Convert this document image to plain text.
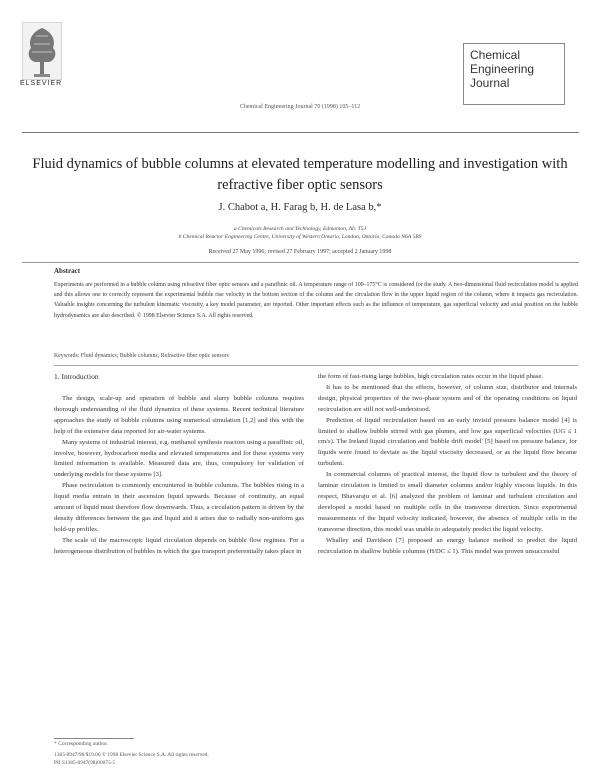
ELSEVIER
Chemical Engineering Journal
Chemical Engineering Journal 70 (1998) 105–112
Fluid dynamics of bubble columns at elevated temperature modelling and investigation with refractive fiber optic sensors
J. Chabot a, H. Farag b, H. de Lasa b,*
a Chemicals Research and Technology, Edmonton, Ab. T5J
b Chemical Reactor Engineering Centre, University of Western Ontario, London, Ontario, Canada N6A 5B9
Received 27 May 1996; revised 27 February 1997; accepted 2 January 1998
Abstract
Experiments are performed in a bubble column using refractive fiber optic sensors and a paraffinic oil. A temperature range of 100–175°C is considered for the study. A two-dimensional fluid recirculation model is applied and this allows one to correctly represent the experimental bubble rise velocity in the bottom section of the column and the circulation flow in the upper liquid region of the column, where it impacts gas recirculation. Valuable insights concerning the turbulent kinematic viscosity, a key model parameter, are reported. Other important effects such as the influence of temperature, gas superficial velocity and axial position on the bubble hydrodynamics are also described. © 1998 Elsevier Science S.A. All rights reserved.
Keywords: Fluid dynamics; Bubble columns; Refractive fiber optic sensors
1. Introduction

The design, scale-up and operation of bubble and slurry bubble columns requires thorough understanding of the fluid dynamics of these systems. Recent technical literature approaches the study of bubble columns using numerical simulation [1,2] and this with the help of the extensive data reported for air-water systems.

Many systems of industrial interest, e.g. methanol synthesis reactors using a paraffinic oil, involve, however, hydrocarbon media and elevated temperatures and for these systems very limited information is available. Measured data are, thus, compulsory for validation of underlying models for these systems [3].

Phase recirculation is commonly encountered in bubble columns. The bubbles rising in a liquid media entrain in their ascension liquid upwards. Because of continuity, an equal amount of liquid must therefore flow downwards. Thus, a circulation pattern is driven by the density differences between the gas and liquid and it arises due to radially non-uniform gas hold-up profiles.

The scale of the macroscopic liquid circulation depends on bubble flow regimes. For a heterogeneous distribution of bubbles in which the gas transport preferentially takes place in

the form of fast-rising large bubbles, high circulation rates occur in the liquid phase.

It has to be mentioned that the effects, however, of column size, distributor and internals design, physical properties of the two-phase system and of the operating conditions on liquid recirculation are still not well-understood.

Prediction of liquid recirculation based on an early invisid pressure balance model [4] is limited to shallow bubble stirred with gas plumes, and low gas superficial velocities (UG ≤ 1 cm/s). The Ireland liquid circulation and 'bubble drift model' [5] based on pressure balance, for liquids were found to deviate as the liquid viscosity decreased, or as the liquid flow became turbulent.

In commercial columns of practical interest, the liquid flow is turbulent and the theory of laminar circulation is limited to small diameter columns and/or highly viscous liquids. In this respect, Bhavaraju et al. [6] analyzed the problem of laminar and turbulent circulation and developed a model based on multiple cells in the transverse direction. Since experimental measurements of the liquid velocity indicated, however, the absence of multiple cells in the transverse direction, this model was unable to adequately predict the liquid velocity.

Whalley and Davidson [7] proposed an energy balance method to predict the liquid recirculation in shallow bubble columns (H/DC ≤ 1). This model was proven unsuccessful

* Corresponding author.
1385-8947/98/$19.00 © 1998 Elsevier Science S.A. All rights reserved.
PII S1385-8947(98)00075-5
